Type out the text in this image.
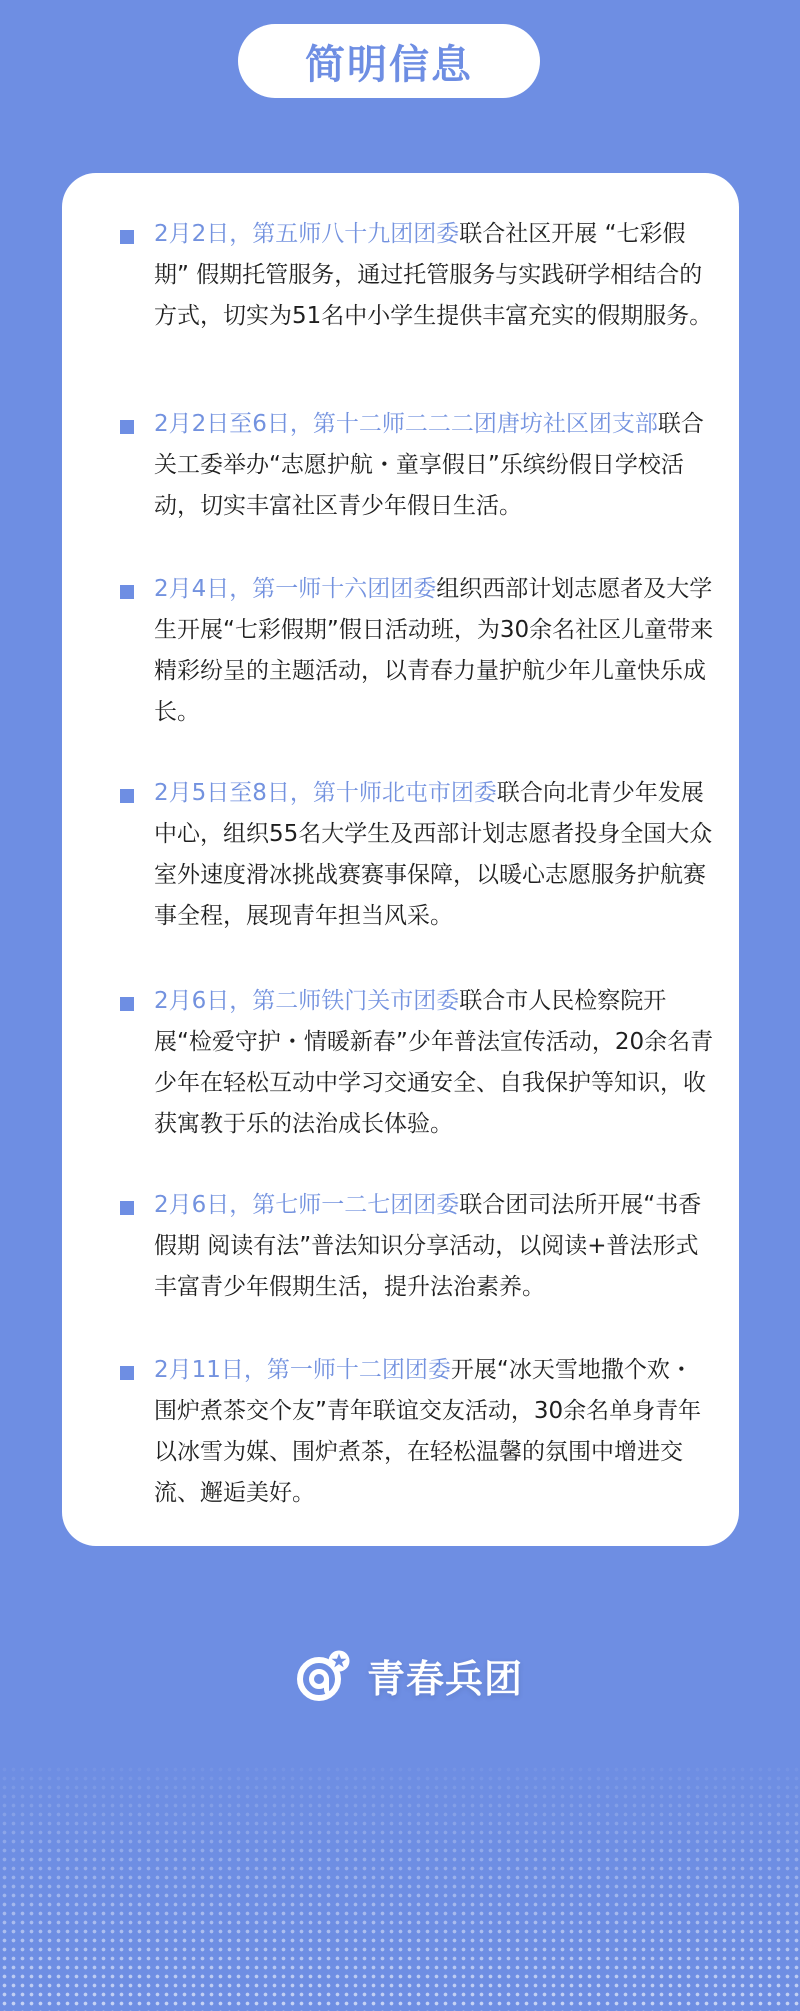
简明信息
2月2日，第五师八十九团团委联合社区开展 “七彩假期” 假期托管服务，通过托管服务与实践研学相结合的方式，切实为51名中小学生提供丰富充实的假期服务。
2月2日至6日，第十二师二二二团唐坊社区团支部联合关工委举办“志愿护航・童享假日”乐缤纷假日学校活动，切实丰富社区青少年假日生活。
2月4日，第一师十六团团委组织西部计划志愿者及大学生开展“七彩假期”假日活动班，为30余名社区儿童带来精彩纷呈的主题活动，以青春力量护航少年儿童快乐成长。
2月5日至8日，第十师北屯市团委联合向北青少年发展中心，组织55名大学生及西部计划志愿者投身全国大众室外速度滑冰挑战赛赛事保障，以暖心志愿服务护航赛事全程，展现青年担当风采。
2月6日，第二师铁门关市团委联合市人民检察院开展“检爱守护・情暖新春”少年普法宣传活动，20余名青少年在轻松互动中学习交通安全、自我保护等知识，收获寓教于乐的法治成长体验。
2月6日，第七师一二七团团委联合团司法所开展“书香假期 阅读有法”普法知识分享活动，以阅读+普法形式丰富青少年假期生活，提升法治素养。
2月11日，第一师十二团团委开展“冰天雪地撒个欢・围炉煮茶交个友”青年联谊交友活动，30余名单身青年以冰雪为媒、围炉煮茶，在轻松温馨的氛围中增进交流、邂逅美好。
青春兵团
